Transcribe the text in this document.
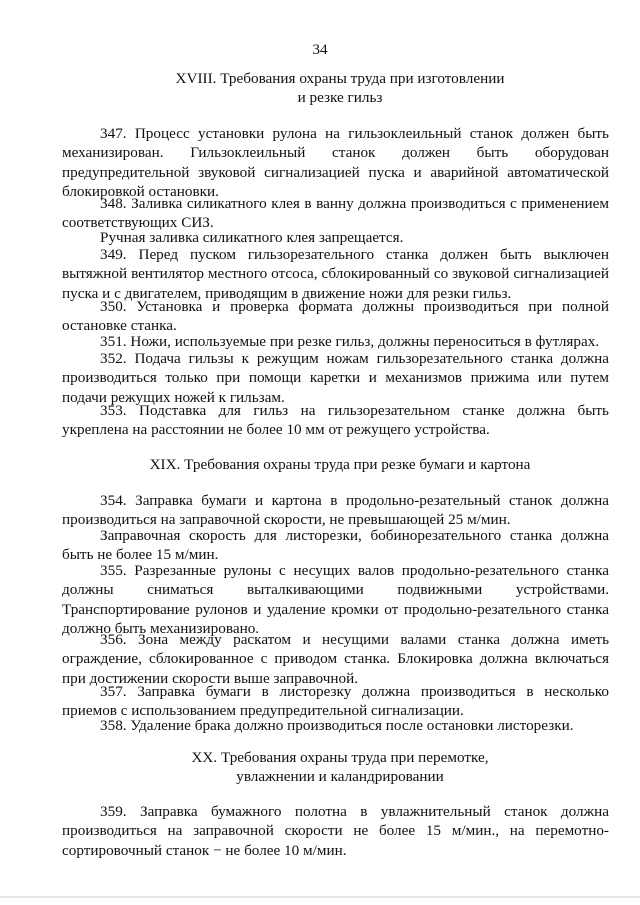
34
XVIII. Требования охраны труда при изготовлении
и резке гильз
347. Процесс установки рулона на гильзоклеильный станок должен быть механизирован. Гильзоклеильный станок должен быть оборудован предупредительной звуковой сигнализацией пуска и аварийной автоматической блокировкой остановки.
348. Заливка силикатного клея в ванну должна производиться с применением соответствующих СИЗ.
Ручная заливка силикатного клея запрещается.
349. Перед пуском гильзорезательного станка должен быть выключен вытяжной вентилятор местного отсоса, сблокированный со звуковой сигнализацией пуска и с двигателем, приводящим в движение ножи для резки гильз.
350. Установка и проверка формата должны производиться при полной остановке станка.
351. Ножи, используемые при резке гильз, должны переноситься в футлярах.
352. Подача гильзы к режущим ножам гильзорезательного станка должна производиться только при помощи каретки и механизмов прижима или путем подачи режущих ножей к гильзам.
353. Подставка для гильз на гильзорезательном станке должна быть укреплена на расстоянии не более 10 мм от режущего устройства.
XIX. Требования охраны труда при резке бумаги и картона
354. Заправка бумаги и картона в продольно-резательный станок должна производиться на заправочной скорости, не превышающей 25 м/мин.
Заправочная скорость для листорезки, бобинорезательного станка должна быть не более 15 м/мин.
355. Разрезанные рулоны с несущих валов продольно-резательного станка должны сниматься выталкивающими подвижными устройствами. Транспортирование рулонов и удаление кромки от продольно-резательного станка должно быть механизировано.
356. Зона между раскатом и несущими валами станка должна иметь ограждение, сблокированное с приводом станка. Блокировка должна включаться при достижении скорости выше заправочной.
357. Заправка бумаги в листорезку должна производиться в несколько приемов с использованием предупредительной сигнализации.
358. Удаление брака должно производиться после остановки листорезки.
XX. Требования охраны труда при перемотке,
увлажнении и каландрировании
359. Заправка бумажного полотна в увлажнительный станок должна производиться на заправочной скорости не более 15 м/мин., на перемотно-сортировочный станок − не более 10 м/мин.
